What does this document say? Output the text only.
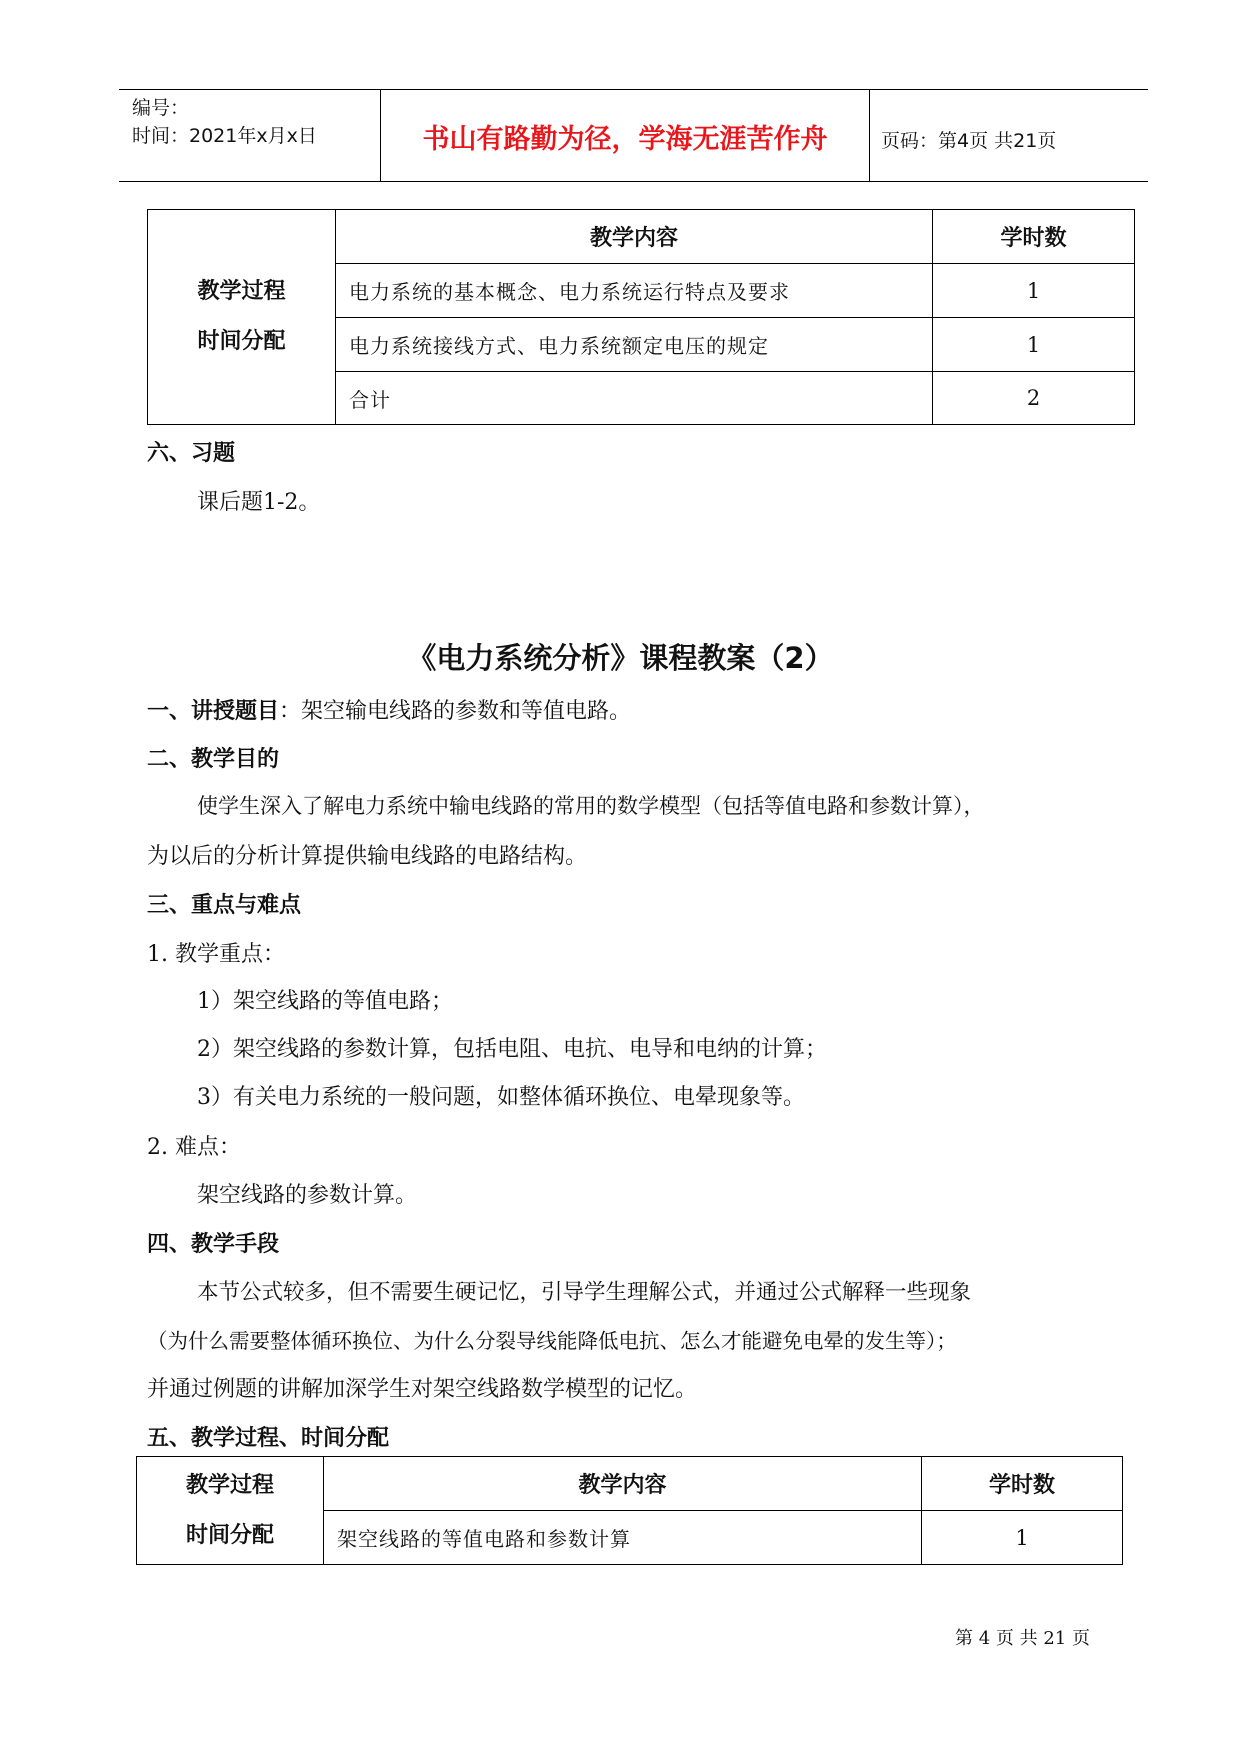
编号：
时间：2021年x月x日	书山有路勤为径，学海无涯苦作舟	页码：第4页 共21页
教学过程
时间分配	教学内容	学时数
	电力系统的基本概念、电力系统运行特点及要求	1
	电力系统接线方式、电力系统额定电压的规定	1
	合计	2
六、习题
课后题1-2。
《电力系统分析》课程教案（2）
一、讲授题目：架空输电线路的参数和等值电路。
二、教学目的
使学生深入了解电力系统中输电线路的常用的数学模型（包括等值电路和参数计算），
为以后的分析计算提供输电线路的电路结构。
三、重点与难点
1. 教学重点：
1）架空线路的等值电路；
2）架空线路的参数计算，包括电阻、电抗、电导和电纳的计算；
3）有关电力系统的一般问题，如整体循环换位、电晕现象等。
2. 难点：
架空线路的参数计算。
四、教学手段
本节公式较多，但不需要生硬记忆，引导学生理解公式，并通过公式解释一些现象
（为什么需要整体循环换位、为什么分裂导线能降低电抗、怎么才能避免电晕的发生等）；
并通过例题的讲解加深学生对架空线路数学模型的记忆。
五、教学过程、时间分配
教学过程
时间分配	教学内容	学时数
	架空线路的等值电路和参数计算	1
第 4 页 共 21 页
